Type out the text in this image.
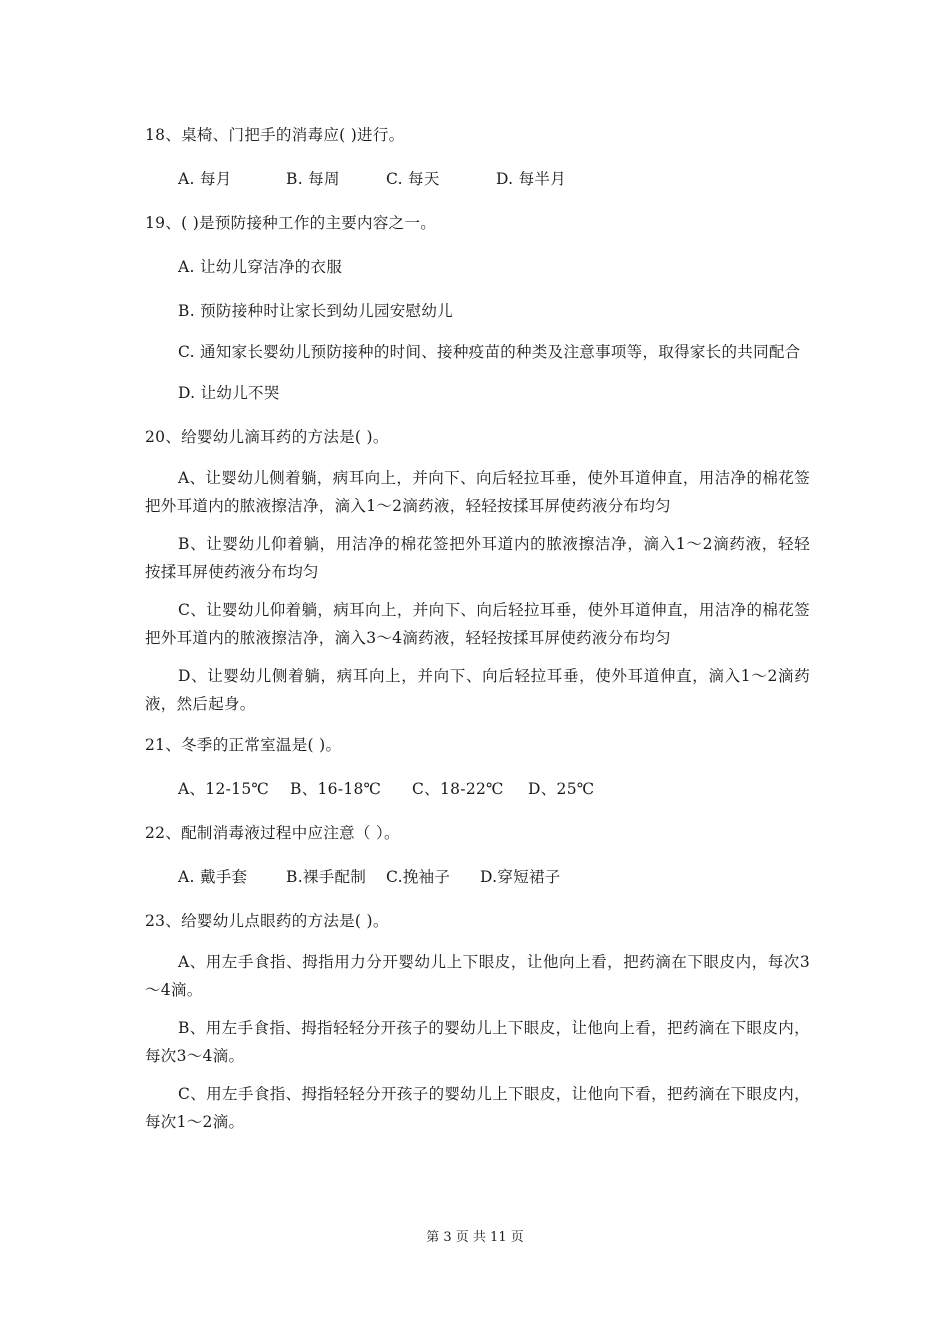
18、桌椅、门把手的消毒应( )进行。
A. 每月	B. 每周	C. 每天	D. 每半月
19、( )是预防接种工作的主要内容之一。
A. 让幼儿穿洁净的衣服
B. 预防接种时让家长到幼儿园安慰幼儿
C. 通知家长婴幼儿预防接种的时间、接种疫苗的种类及注意事项等，取得家长的共同配合
D. 让幼儿不哭
20、给婴幼儿滴耳药的方法是( )。
A、让婴幼儿侧着躺，病耳向上，并向下、向后轻拉耳垂，使外耳道伸直，用洁净的棉花签把外耳道内的脓液擦洁净，滴入1～2滴药液，轻轻按揉耳屏使药液分布均匀
B、让婴幼儿仰着躺，用洁净的棉花签把外耳道内的脓液擦洁净，滴入1～2滴药液，轻轻按揉耳屏使药液分布均匀
C、让婴幼儿仰着躺，病耳向上，并向下、向后轻拉耳垂，使外耳道伸直，用洁净的棉花签把外耳道内的脓液擦洁净，滴入3～4滴药液，轻轻按揉耳屏使药液分布均匀
D、让婴幼儿侧着躺，病耳向上，并向下、向后轻拉耳垂，使外耳道伸直，滴入1～2滴药液，然后起身。
21、冬季的正常室温是( )。
A、12-15℃ B、16-18℃ C、18-22℃ D、25℃
22、配制消毒液过程中应注意（ ）。
A. 戴手套 B.裸手配制 C.挽袖子 D.穿短裙子
23、给婴幼儿点眼药的方法是( )。
A、用左手食指、拇指用力分开婴幼儿上下眼皮，让他向上看，把药滴在下眼皮内，每次3～4滴。
B、用左手食指、拇指轻轻分开孩子的婴幼儿上下眼皮，让他向上看，把药滴在下眼皮内，每次3～4滴。
C、用左手食指、拇指轻轻分开孩子的婴幼儿上下眼皮，让他向下看，把药滴在下眼皮内，每次1～2滴。
第 3 页 共 11 页
